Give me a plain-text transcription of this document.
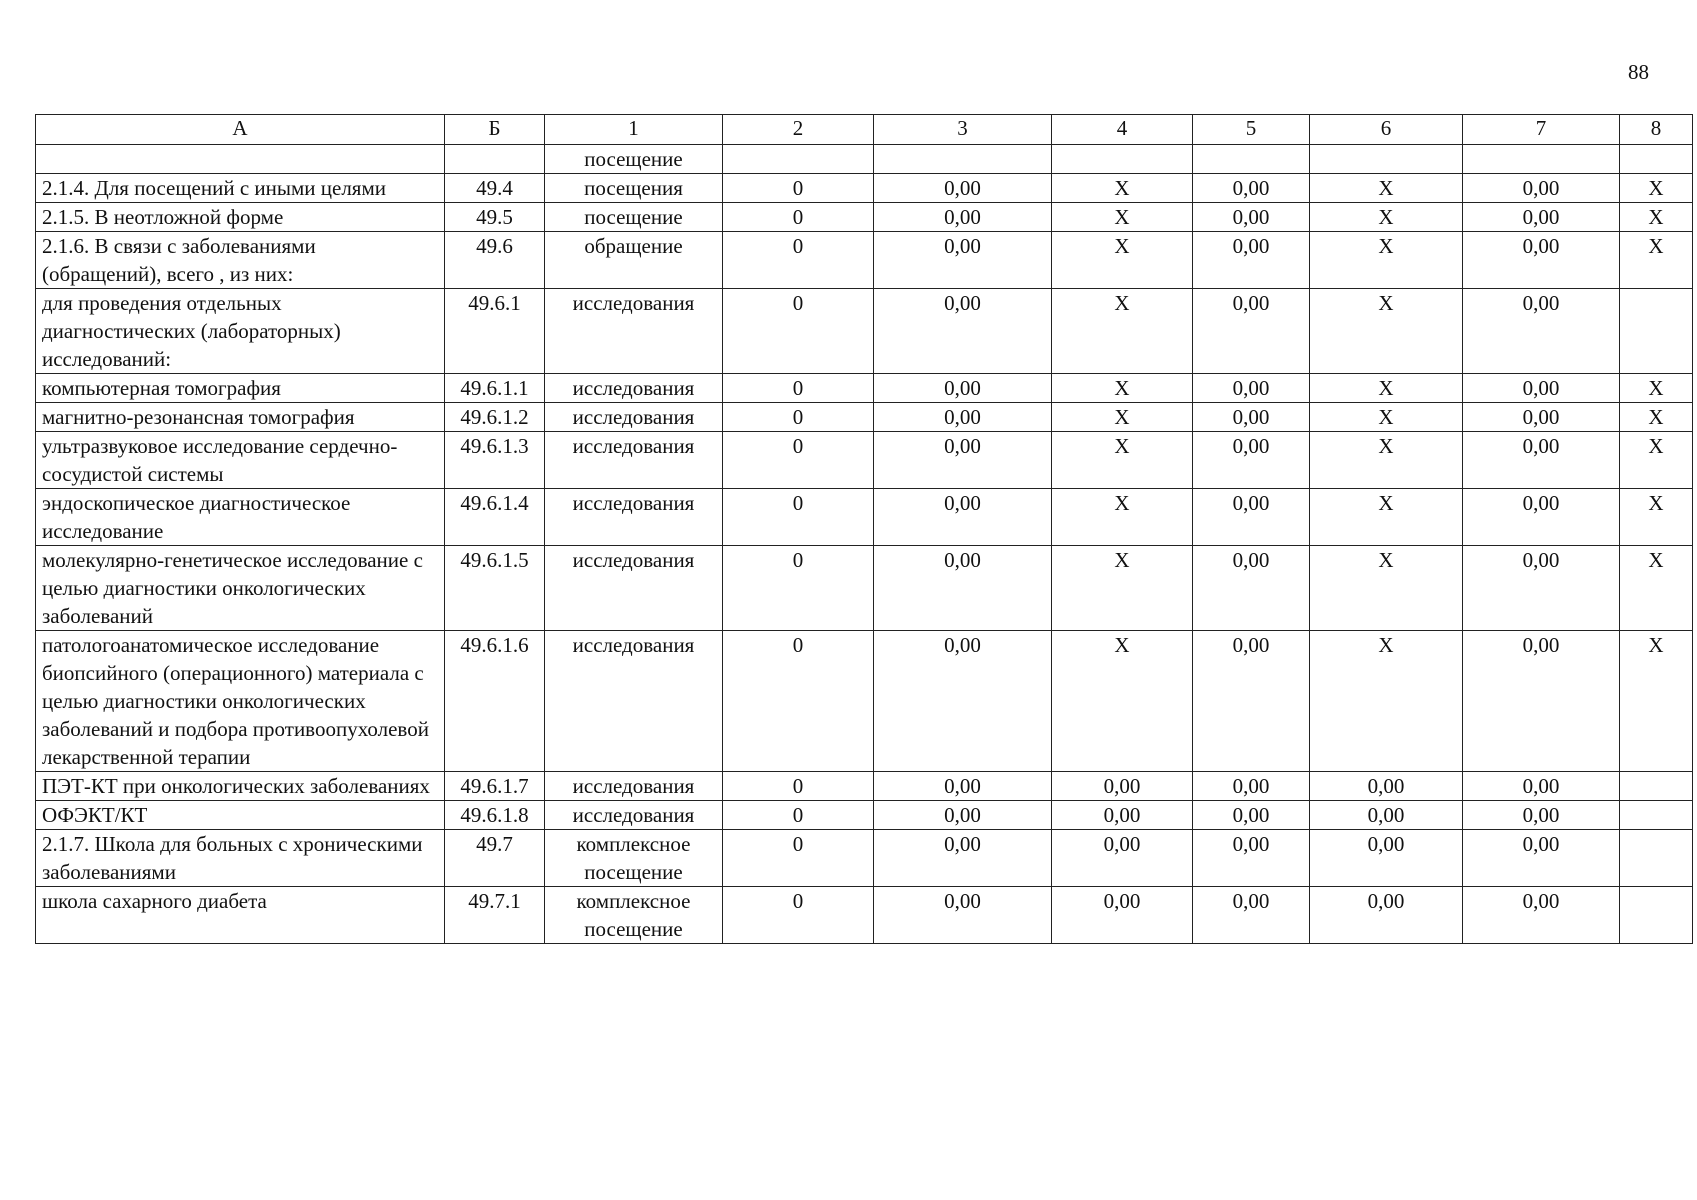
88
А	Б	1	2	3	4	5	6	7	8
		посещение							
2.1.4. Для посещений с иными целями	49.4	посещения	0	0,00	Х	0,00	Х	0,00	Х
2.1.5. В неотложной форме	49.5	посещение	0	0,00	Х	0,00	Х	0,00	Х
2.1.6. В связи с заболеваниями (обращений), всего , из них:	49.6	обращение	0	0,00	Х	0,00	Х	0,00	Х
для проведения отдельных диагностических (лабораторных) исследований:	49.6.1	исследования	0	0,00	Х	0,00	Х	0,00	
компьютерная томография	49.6.1.1	исследования	0	0,00	Х	0,00	Х	0,00	Х
магнитно-резонансная томография	49.6.1.2	исследования	0	0,00	Х	0,00	Х	0,00	Х
ультразвуковое исследование сердечно-сосудистой системы	49.6.1.3	исследования	0	0,00	Х	0,00	Х	0,00	Х
эндоскопическое диагностическое исследование	49.6.1.4	исследования	0	0,00	Х	0,00	Х	0,00	Х
молекулярно-генетическое исследование с целью диагностики онкологических заболеваний	49.6.1.5	исследования	0	0,00	Х	0,00	Х	0,00	Х
патологоанатомическое исследование биопсийного (операционного) материала с целью диагностики онкологических заболеваний и подбора противоопухолевой лекарственной терапии	49.6.1.6	исследования	0	0,00	Х	0,00	Х	0,00	Х
ПЭТ-КТ при онкологических заболеваниях	49.6.1.7	исследования	0	0,00	0,00	0,00	0,00	0,00	
ОФЭКТ/КТ	49.6.1.8	исследования	0	0,00	0,00	0,00	0,00	0,00	
2.1.7. Школа для больных с хроническими заболеваниями	49.7	комплексное посещение	0	0,00	0,00	0,00	0,00	0,00	
школа сахарного диабета	49.7.1	комплексное посещение	0	0,00	0,00	0,00	0,00	0,00	
